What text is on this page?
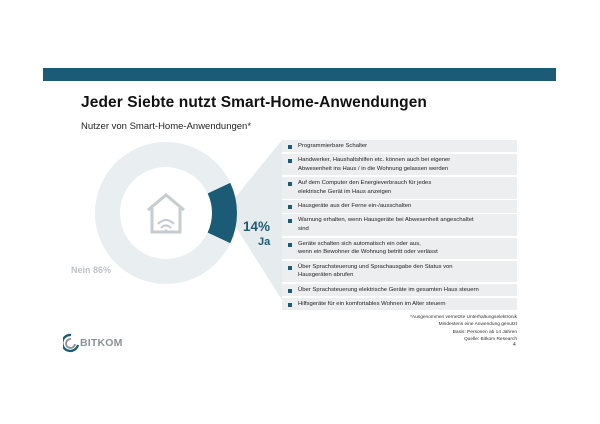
Jeder Siebte nutzt Smart-Home-Anwendungen
Nutzer von Smart-Home-Anwendungen*
14%
Ja
Nein 86%
Programmierbare Schalter
Handwerker, Haushaltshilfen etc. können auch bei eigener
Abwesenheit ins Haus / in die Wohnung gelassen werden
Auf dem Computer den Energieverbrauch für jedes
elektrische Gerät im Haus anzeigen
Hausgeräte aus der Ferne ein-/ausschalten
Warnung erhalten, wenn Hausgeräte bei Abwesenheit angeschaltet
sind
Geräte schalten sich automatisch ein oder aus,
wenn ein Bewohner die Wohnung betritt oder verlässt
Über Sprachsteuerung und Sprachausgabe den Status von
Hausgeräten abrufen
Über Sprachsteuerung elektrische Geräte im gesamten Haus steuern
Hilfsgeräte für ein komfortables Wohnen im Alter steuern
*Ausgenommen vernetzte Unterhaltungselektronik
Mindestens eine Anwendung genutzt
Basis: Personen ab 14 Jahren
Quelle: Bitkom Research
4
BITKOM
